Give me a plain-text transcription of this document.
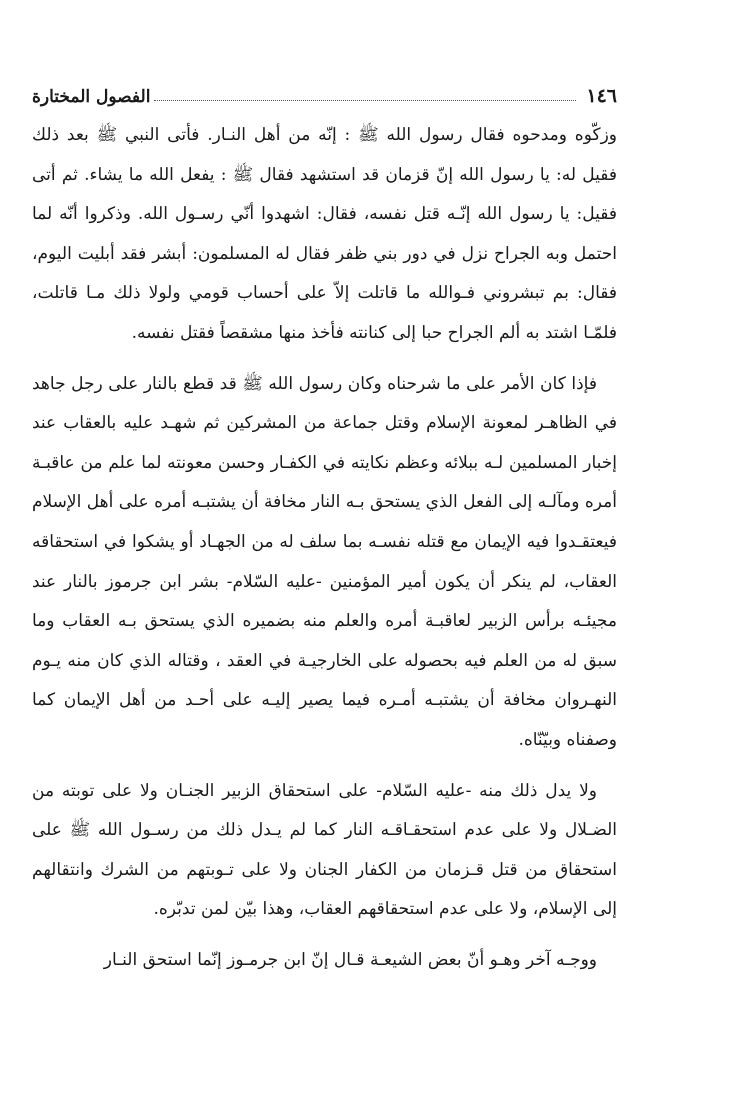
١٤٦
الفصول المختارة

وزكّوه ومدحوه فقال رسول الله ﷺ : إنّه من أهل النـار. فأتى النبي ﷺ بعد ذلك فقيل له: يا رسول الله إنّ قزمان قد استشهد فقال ﷺ : يفعل الله ما يشاء. ثم أتى فقيل: يا رسول الله إنّـه قتل نفسه، فقال: اشهدوا أنّي رسـول الله. وذكروا أنّه لما احتمل وبه الجراح نزل في دور بني ظفر فقال له المسلمون: أبشر فقد أبليت اليوم، فقال: بم تبشروني فـوالله ما قاتلت إلاّ على أحساب قومي ولولا ذلك مـا قاتلت، فلمّـا اشتد به ألم الجراح حبا إلى كنانته فأخذ منها مشقصاً فقتل نفسه.

فإذا كان الأمر على ما شرحناه وكان رسول الله ﷺ قد قطع بالنار على رجل جاهد في الظاهـر لمعونة الإسلام وقتل جماعة من المشركين ثم شهـد عليه بالعقاب عند إخبار المسلمين لـه ببلائه وعظم نكايته في الكفـار وحسن معونته لما علم من عاقبـة أمره ومآلـه إلى الفعل الذي يستحق بـه النار مخافة أن يشتبـه أمره على أهل الإسلام فيعتقـدوا فيه الإيمان مع قتله نفسـه بما سلف له من الجهـاد أو يشكوا في استحقاقه العقاب، لم ينكر أن يكون أمير المؤمنين -عليه السّلام- بشر ابن جرموز بالنار عند مجيئـه برأس الزبير لعاقبـة أمره والعلم منه بضميره الذي يستحق بـه العقاب وما سبق له من العلم فيه بحصوله على الخارجيـة في العقد ، وقتاله الذي كان منه يـوم النهـروان مخافة أن يشتبـه أمـره فيما يصير إليـه على أحـد من أهل الإيمان كما وصفناه وبيّنّاه.

ولا يدل ذلك منه -عليه السّلام- على استحقاق الزبير الجنـان ولا على توبته من الضـلال ولا على عدم استحقـاقـه النار كما لم يـدل ذلك من رسـول الله ﷺ على استحقاق من قتل قـزمان من الكفار الجنان ولا على تـوبتهم من الشرك وانتقالهم إلى الإسلام، ولا على عدم استحقاقهم العقاب، وهذا بيّن لمن تدبّره.

ووجـه آخر وهـو أنّ بعض الشيعـة قـال إنّ ابن جرمـوز إنّما استحق النـار
